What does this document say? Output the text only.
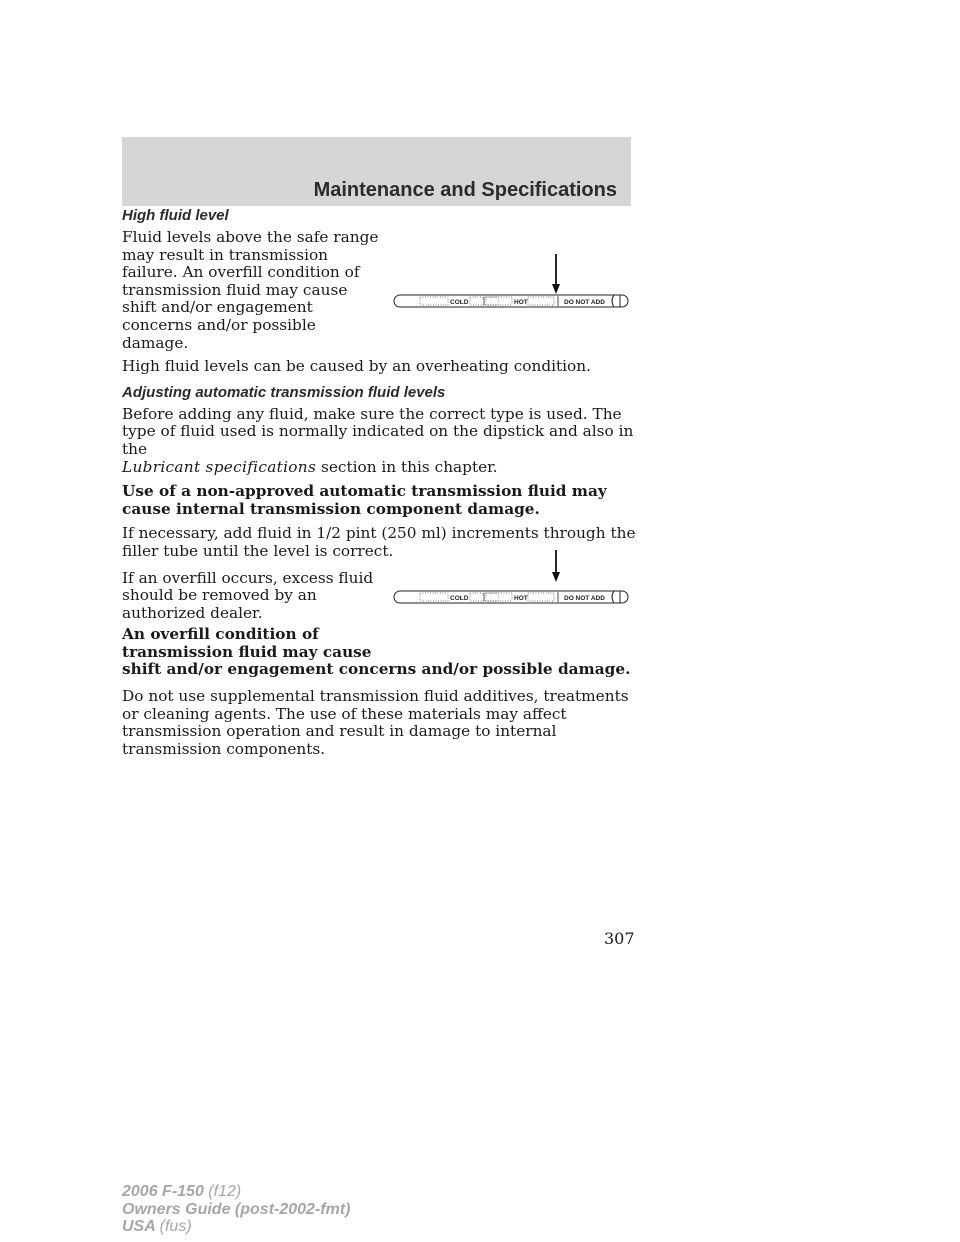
Maintenance and Specifications
High fluid level

Fluid levels above the safe range may result in transmission failure. An overfill condition of transmission fluid may cause shift and/or engagement concerns and/or possible damage.

High fluid levels can be caused by an overheating condition.

Adjusting automatic transmission fluid levels

Before adding any fluid, make sure the correct type is used. The type of fluid used is normally indicated on the dipstick and also in the
Lubricant specifications section in this chapter.

Use of a non-approved automatic transmission fluid may cause internal transmission component damage.

If necessary, add fluid in 1/2 pint (250 ml) increments through the filler tube until the level is correct.

If an overfill occurs, excess fluid should be removed by an authorized dealer.

An overfill condition of transmission fluid may cause
shift and/or engagement concerns and/or possible damage.

Do not use supplemental transmission fluid additives, treatments or cleaning agents. The use of these materials may affect transmission operation and result in damage to internal transmission components.

COLD	HOT	DO NOT ADD
COLD	HOT	DO NOT ADD
307
2006 F-150 (f12)
Owners Guide (post-2002-fmt)
USA (fus)
